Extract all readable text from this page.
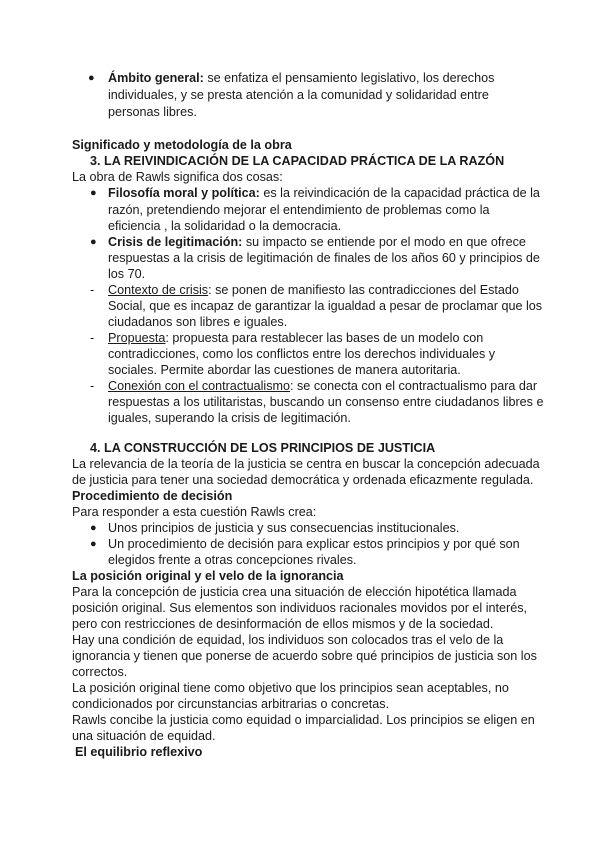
● Ámbito general: se enfatiza el pensamiento legislativo, los derechos
individuales, y se presta atención a la comunidad y solidaridad entre
personas libres.
Significado y metodología de la obra
3. LA REIVINDICACIÓN DE LA CAPACIDAD PRÁCTICA DE LA RAZÓN
La obra de Rawls significa dos cosas:
● Filosofía moral y política: es la reivindicación de la capacidad práctica de la
razón, pretendiendo mejorar el entendimiento de problemas como la
eficiencia , la solidaridad o la democracia.
● Crisis de legitimación: su impacto se entiende por el modo en que ofrece
respuestas a la crisis de legitimación de finales de los años 60 y principios de
los 70.
- Contexto de crisis: se ponen de manifiesto las contradicciones del Estado
Social, que es incapaz de garantizar la igualdad a pesar de proclamar que los
ciudadanos son libres e iguales.
- Propuesta: propuesta para restablecer las bases de un modelo con
contradicciones, como los conflictos entre los derechos individuales y
sociales. Permite abordar las cuestiones de manera autoritaria.
- Conexión con el contractualismo: se conecta con el contractualismo para dar
respuestas a los utilitaristas, buscando un consenso entre ciudadanos libres e
iguales, superando la crisis de legitimación.
4. LA CONSTRUCCIÓN DE LOS PRINCIPIOS DE JUSTICIA
La relevancia de la teoría de la justicia se centra en buscar la concepción adecuada
de justicia para tener una sociedad democrática y ordenada eficazmente regulada.
Procedimiento de decisión
Para responder a esta cuestión Rawls crea:
● Unos principios de justicia y sus consecuencias institucionales.
● Un procedimiento de decisión para explicar estos principios y por qué son
elegidos frente a otras concepciones rivales.
La posición original y el velo de la ignorancia
Para la concepción de justicia crea una situación de elección hipotética llamada
posición original. Sus elementos son individuos racionales movidos por el interés,
pero con restricciones de desinformación de ellos mismos y de la sociedad.
Hay una condición de equidad, los individuos son colocados tras el velo de la
ignorancia y tienen que ponerse de acuerdo sobre qué principios de justicia son los
correctos.
La posición original tiene como objetivo que los principios sean aceptables, no
condicionados por circunstancias arbitrarias o concretas.
Rawls concibe la justicia como equidad o imparcialidad. Los principios se eligen en
una situación de equidad.
El equilibrio reflexivo
